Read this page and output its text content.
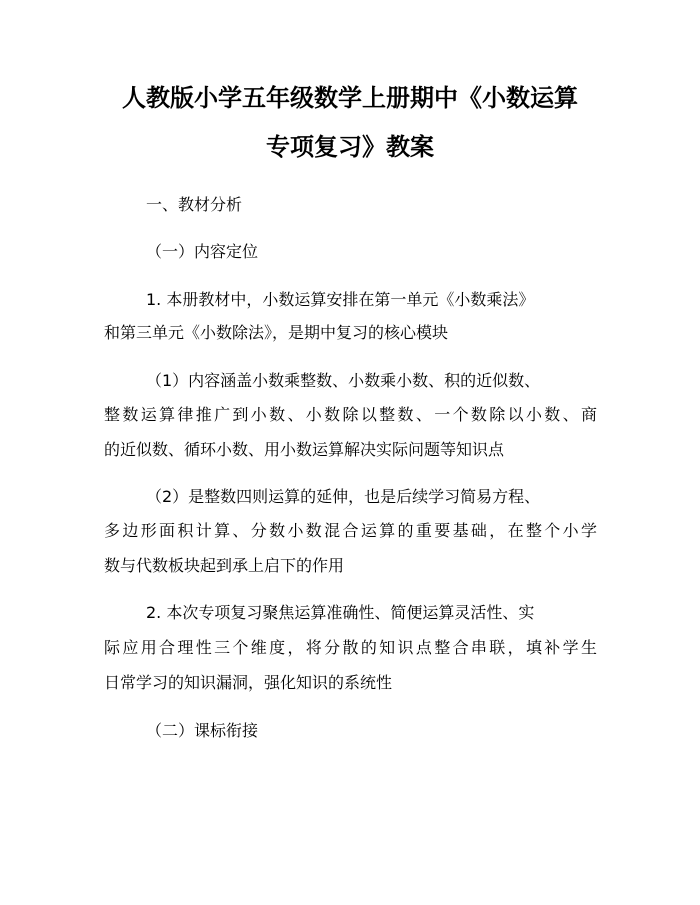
人教版小学五年级数学上册期中《小数运算
专项复习》教案

一、教材分析

（一）内容定位

1. 本册教材中，小数运算安排在第一单元《小数乘法》

和第三单元《小数除法》，是期中复习的核心模块

（1）内容涵盖小数乘整数、小数乘小数、积的近似数、

整数运算律推广到小数、小数除以整数、一个数除以小数、商

的近似数、循环小数、用小数运算解决实际问题等知识点

（2）是整数四则运算的延伸，也是后续学习简易方程、

多边形面积计算、分数小数混合运算的重要基础，在整个小学

数与代数板块起到承上启下的作用

2. 本次专项复习聚焦运算准确性、简便运算灵活性、实

际应用合理性三个维度，将分散的知识点整合串联，填补学生

日常学习的知识漏洞，强化知识的系统性

（二）课标衔接
